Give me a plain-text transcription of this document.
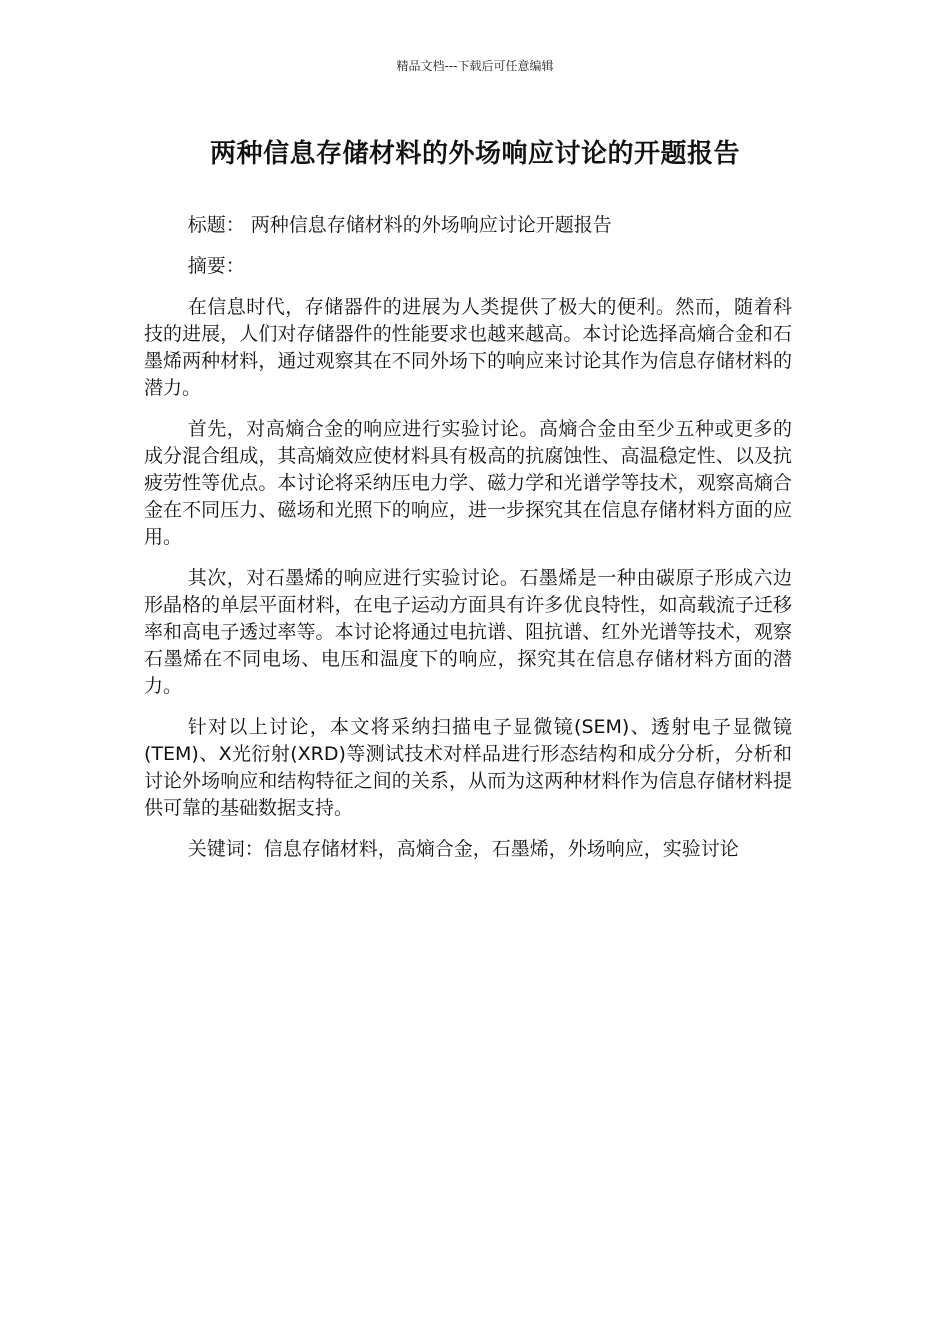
精品文档---下载后可任意编辑
两种信息存储材料的外场响应讨论的开题报告

标题： 两种信息存储材料的外场响应讨论开题报告

摘要：

在信息时代，存储器件的进展为人类提供了极大的便利。然而，随着科技的进展，人们对存储器件的性能要求也越来越高。本讨论选择高熵合金和石墨烯两种材料，通过观察其在不同外场下的响应来讨论其作为信息存储材料的潜力。

首先，对高熵合金的响应进行实验讨论。高熵合金由至少五种或更多的成分混合组成，其高熵效应使材料具有极高的抗腐蚀性、高温稳定性、以及抗疲劳性等优点。本讨论将采纳压电力学、磁力学和光谱学等技术，观察高熵合金在不同压力、磁场和光照下的响应，进一步探究其在信息存储材料方面的应用。

其次，对石墨烯的响应进行实验讨论。石墨烯是一种由碳原子形成六边形晶格的单层平面材料，在电子运动方面具有许多优良特性，如高载流子迁移率和高电子透过率等。本讨论将通过电抗谱、阻抗谱、红外光谱等技术，观察石墨烯在不同电场、电压和温度下的响应，探究其在信息存储材料方面的潜力。

针对以上讨论，本文将采纳扫描电子显微镜(SEM)、透射电子显微镜(TEM)、X光衍射(XRD)等测试技术对样品进行形态结构和成分分析，分析和讨论外场响应和结构特征之间的关系，从而为这两种材料作为信息存储材料提供可靠的基础数据支持。

关键词：信息存储材料，高熵合金，石墨烯，外场响应，实验讨论
